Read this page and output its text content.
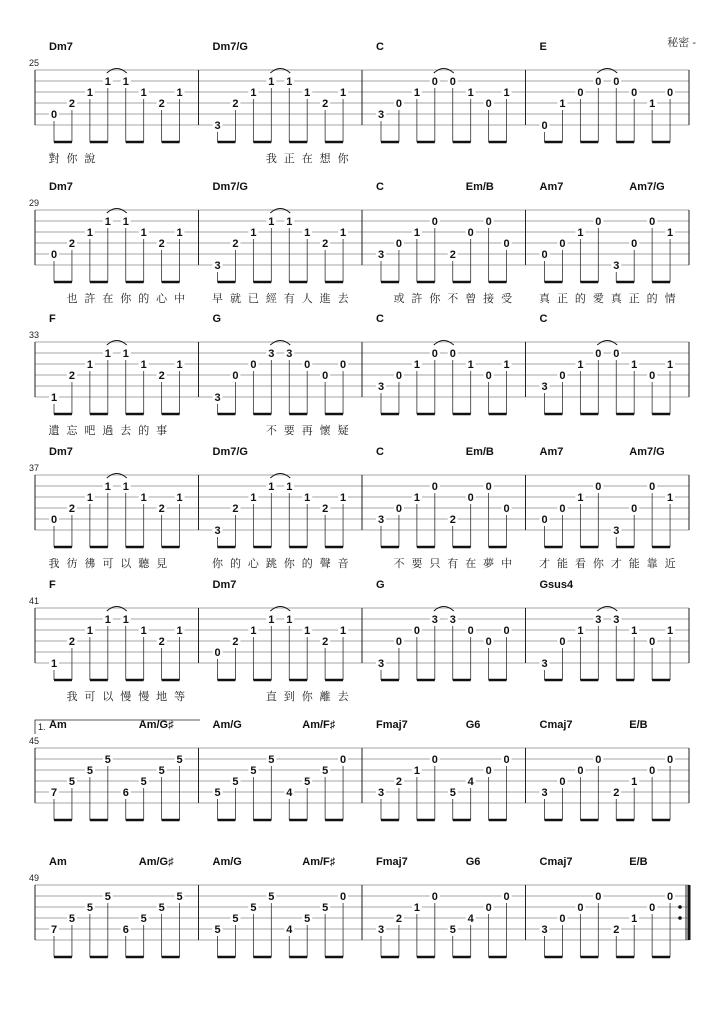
秘密 -
25
Dm7
0
2
1
1 1
1
2
1
對 你 說
Dm7/G
3
2
1
1 1
1
2
1
我 正 在 想 你
C
3
0
1
0 0
1
0
1
E
0
1
0
0 0
0
1
0
29
Dm7
0
2
1
1 1
1
2
1
也 許 在 你 的 心 中
Dm7/G
3
2
1
1 1
1
2
1
早 就 已 經 有 人 進 去
C	Em/B
3
0
1
0
2
0
0
0
或 許 你 不 曾 接 受
Am7	Am7/G
0
0
1
0
3
0
0
1
真 正 的 愛 真 正 的 情
33
F
1
2
1
1 1
1
2
1
遺 忘 吧 過 去 的 事
G
3
0
0
3 3
0
0
0
不 要 再 懷 疑
C
3
0
1
0 0
1
0
1
C
3
0
1
0 0
1
0
1
37
Dm7
0
2
1
1 1
1
2
1
我 彷 彿 可 以 聽 見
Dm7/G
3
2
1
1 1
1
2
1
你 的 心 跳 你 的 聲 音
C	Em/B
3
0
1
0
2
0
0
0
不 要 只 有 在 夢 中
Am7	Am7/G
0
0
1
0
3
0
0
1
才 能 看 你 才 能 靠 近
41
F
1
2
1
1 1
1
2
1
我 可 以 慢 慢 地 等
Dm7
0
2
1
1 1
1
2
1
直 到 你 離 去
G
3
0
0
3 3
0
0
0
Gsus4
3
0
1
3 3
1
0
1
45
1. Am	Am/G♯
7
5
5
5
6
5
5
5
Am/G	Am/F♯
5
5
5
5
4
5
5
0
Fmaj7	G6
3
2
1
0
5
4
0
0
Cmaj7	E/B
3
0
0
0
2
1
0
0
49
Am	Am/G♯
7
5
5
5
6
5
5
5
Am/G	Am/F♯
5
5
5
5
4
5
5
0
Fmaj7	G6
3
2
1
0
5
4
0
0
Cmaj7	E/B
3
0
0
0
2
1
0
0
